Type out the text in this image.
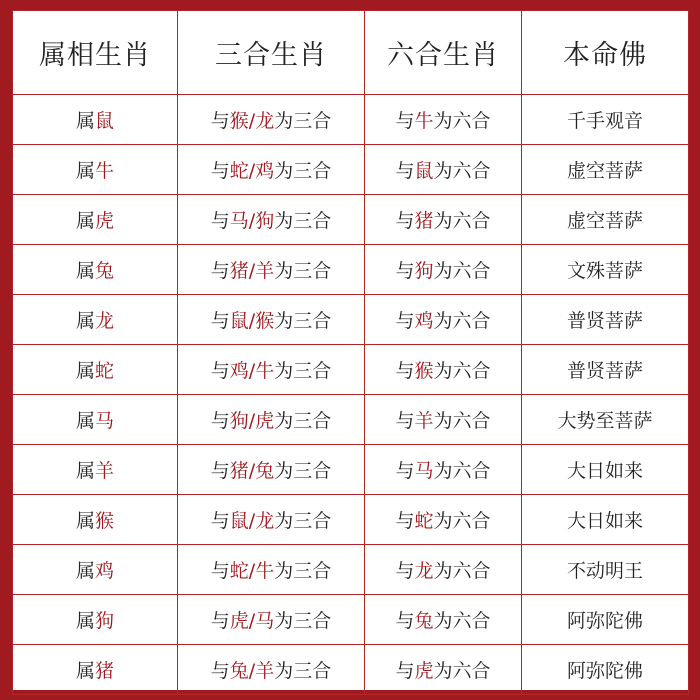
属相生肖	三合生肖	六合生肖	本命佛
属鼠	与猴/龙为三合	与牛为六合	千手观音
属牛	与蛇/鸡为三合	与鼠为六合	虚空菩萨
属虎	与马/狗为三合	与猪为六合	虚空菩萨
属兔	与猪/羊为三合	与狗为六合	文殊菩萨
属龙	与鼠/猴为三合	与鸡为六合	普贤菩萨
属蛇	与鸡/牛为三合	与猴为六合	普贤菩萨
属马	与狗/虎为三合	与羊为六合	大势至菩萨
属羊	与猪/兔为三合	与马为六合	大日如来
属猴	与鼠/龙为三合	与蛇为六合	大日如来
属鸡	与蛇/牛为三合	与龙为六合	不动明王
属狗	与虎/马为三合	与兔为六合	阿弥陀佛
属猪	与兔/羊为三合	与虎为六合	阿弥陀佛
